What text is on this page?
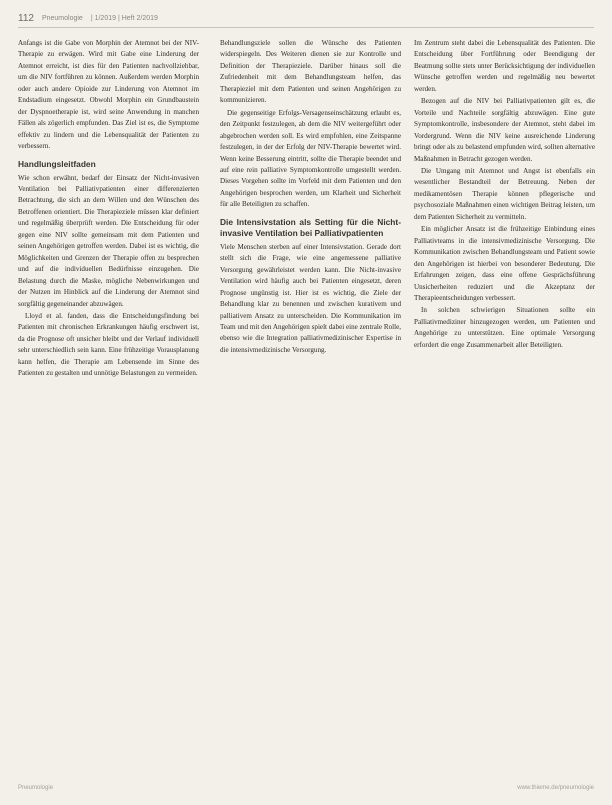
112 Pneumologie | 1/2019 | Heft 2/2019

Anfangs ist die Gabe von Morphin der Atemnot bei der NIV-Therapie zu erwägen. Wird mit Gabe eine Linderung der Atemnot erreicht, ist dies für den Patienten nachvollziehbar, um die NIV fortführen zu können. Außerdem werden Morphin oder auch andere Opioide zur Linderung von Atemnot im Endstadium eingesetzt. Obwohl Morphin ein Grundbaustein der Dyspnoetherapie ist, wird seine Anwendung in manchen Fällen als zögerlich empfunden. Das Ziel ist es, die Symptome effektiv zu lindern und die Lebensqualität der Patienten zu verbessern.

Handlungsleitfaden

Wie schon erwähnt, bedarf der Einsatz der Nicht-invasiven Ventilation bei Palliativpatienten einer differenzierten Betrachtung, die sich an dem Willen und den Wünschen des Betroffenen orientiert. Die Therapieziele müssen klar definiert und regelmäßig überprüft werden. Die Entscheidung für oder gegen eine NIV sollte gemeinsam mit dem Patienten und seinen Angehörigen getroffen werden. Dabei ist es wichtig, die Möglichkeiten und Grenzen der Therapie offen zu besprechen und auf die individuellen Bedürfnisse einzugehen. Die Belastung durch die Maske, mögliche Nebenwirkungen und der Nutzen im Hinblick auf die Linderung der Atemnot sind sorgfältig gegeneinander abzuwägen.

Lloyd et al. fanden, dass die Entscheidungsfindung bei Patienten mit chronischen Erkrankungen häufig erschwert ist, da die Prognose oft unsicher bleibt und der Verlauf individuell sehr unterschiedlich sein kann. Eine frühzeitige Vorausplanung kann helfen, die Therapie am Lebensende im Sinne des Patienten zu gestalten und unnötige Belastungen zu vermeiden.

Behandlungsziele sollen die Wünsche des Patienten widerspiegeln. Des Weiteren dienen sie zur Kontrolle und Definition der Therapieziele. Darüber hinaus soll die Zufriedenheit mit dem Behandlungsteam helfen, das Therapieziel mit dem Patienten und seinen Angehörigen zu kommunizieren.

Die gegenseitige Erfolgs-Versagenseinschätzung erlaubt es, den Zeitpunkt festzulegen, ab dem die NIV weitergeführt oder abgebrochen werden soll. Es wird empfohlen, eine Zeitspanne festzulegen, in der der Erfolg der NIV-Therapie bewertet wird. Wenn keine Besserung eintritt, sollte die Therapie beendet und auf eine rein palliative Symptomkontrolle umgestellt werden. Dieses Vorgehen sollte im Vorfeld mit dem Patienten und den Angehörigen besprochen werden, um Klarheit und Sicherheit für alle Beteiligten zu schaffen.

Die Intensivstation als Setting für die Nicht-invasive Ventilation bei Palliativpatienten

Viele Menschen sterben auf einer Intensivstation. Gerade dort stellt sich die Frage, wie eine angemessene palliative Versorgung gewährleistet werden kann. Die Nicht-invasive Ventilation wird häufig auch bei Patienten eingesetzt, deren Prognose ungünstig ist. Hier ist es wichtig, die Ziele der Behandlung klar zu benennen und zwischen kurativem und palliativem Ansatz zu unterscheiden. Die Kommunikation im Team und mit den Angehörigen spielt dabei eine zentrale Rolle, ebenso wie die Integration palliativmedizinischer Expertise in die intensivmedizinische Versorgung.

Im Zentrum steht dabei die Lebensqualität des Patienten. Die Entscheidung über Fortführung oder Beendigung der Beatmung sollte stets unter Berücksichtigung der individuellen Wünsche getroffen werden und regelmäßig neu bewertet werden.

Bezogen auf die NIV bei Palliativpatienten gilt es, die Vorteile und Nachteile sorgfältig abzuwägen. Eine gute Symptomkontrolle, insbesondere der Atemnot, steht dabei im Vordergrund. Wenn die NIV keine ausreichende Linderung bringt oder als zu belastend empfunden wird, sollten alternative Maßnahmen in Betracht gezogen werden.

Die Umgang mit Atemnot und Angst ist ebenfalls ein wesentlicher Bestandteil der Betreuung. Neben der medikamentösen Therapie können pflegerische und psychosoziale Maßnahmen einen wichtigen Beitrag leisten, um dem Patienten Sicherheit zu vermitteln.

Ein möglicher Ansatz ist die frühzeitige Einbindung eines Palliativteams in die intensivmedizinische Versorgung. Die Kommunikation zwischen Behandlungsteam und Patient sowie den Angehörigen ist hierbei von besonderer Bedeutung. Die Erfahrungen zeigen, dass eine offene Gesprächsführung Unsicherheiten reduziert und die Akzeptanz der Therapieentscheidungen verbessert.

In solchen schwierigen Situationen sollte ein Palliativmediziner hinzugezogen werden, um Patienten und Angehörige zu unterstützen. Eine optimale Versorgung erfordert die enge Zusammenarbeit aller Beteiligten.

Pneumologie	www.thieme.de/pneumologie
